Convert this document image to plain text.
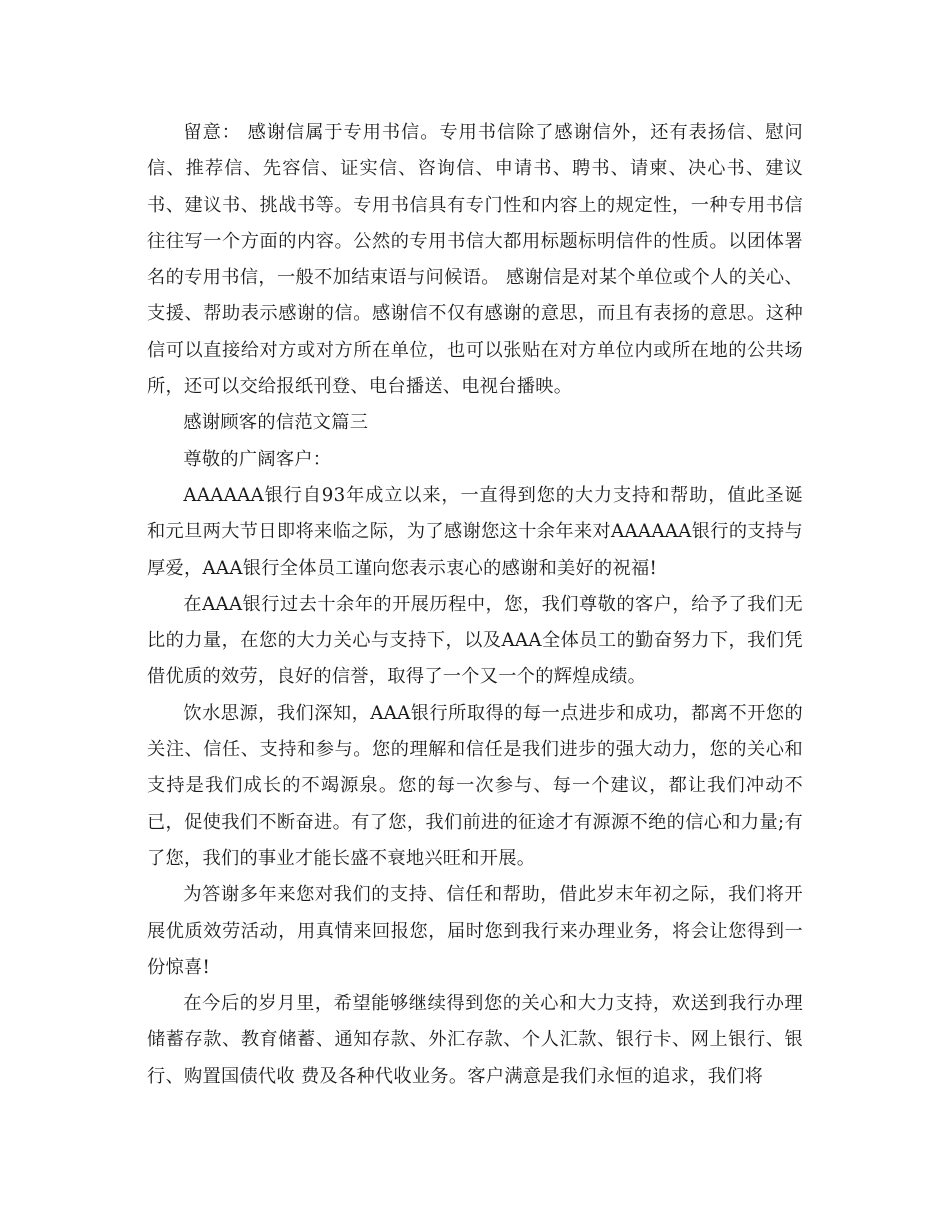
留意： 感谢信属于专用书信。专用书信除了感谢信外，还有表扬信、慰问信、推荐信、先容信、证实信、咨询信、申请书、聘书、请柬、决心书、建议书、建议书、挑战书等。专用书信具有专门性和内容上的规定性，一种专用书信往往写一个方面的内容。公然的专用书信大都用标题标明信件的性质。以团体署名的专用书信，一般不加结束语与问候语。 感谢信是对某个单位或个人的关心、支援、帮助表示感谢的信。感谢信不仅有感谢的意思，而且有表扬的意思。这种信可以直接给对方或对方所在单位，也可以张贴在对方单位内或所在地的公共场所，还可以交给报纸刊登、电台播送、电视台播映。

感谢顾客的信范文篇三

尊敬的广阔客户：

AAAAAA银行自93年成立以来，一直得到您的大力支持和帮助，值此圣诞和元旦两大节日即将来临之际，为了感谢您这十余年来对AAAAAA银行的支持与厚爱，AAA银行全体员工谨向您表示衷心的感谢和美好的祝福!

在AAA银行过去十余年的开展历程中，您，我们尊敬的客户，给予了我们无比的力量，在您的大力关心与支持下，以及AAA全体员工的勤奋努力下，我们凭借优质的效劳，良好的信誉，取得了一个又一个的辉煌成绩。

饮水思源，我们深知，AAA银行所取得的每一点进步和成功，都离不开您的关注、信任、支持和参与。您的理解和信任是我们进步的强大动力，您的关心和支持是我们成长的不竭源泉。您的每一次参与、每一个建议，都让我们冲动不已，促使我们不断奋进。有了您，我们前进的征途才有源源不绝的信心和力量;有了您，我们的事业才能长盛不衰地兴旺和开展。

为答谢多年来您对我们的支持、信任和帮助，借此岁末年初之际，我们将开展优质效劳活动，用真情来回报您，届时您到我行来办理业务，将会让您得到一份惊喜!

在今后的岁月里，希望能够继续得到您的关心和大力支持，欢送到我行办理储蓄存款、教育储蓄、通知存款、外汇存款、个人汇款、银行卡、网上银行、银行、购置国债代收 费及各种代收业务。客户满意是我们永恒的追求，我们将
